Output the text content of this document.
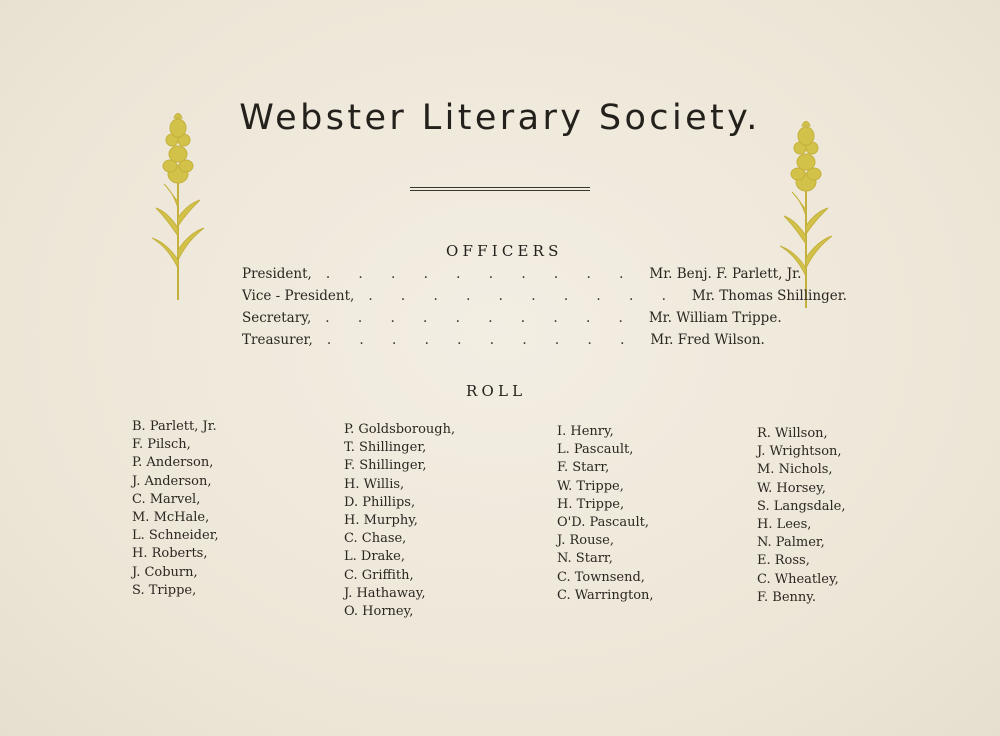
Webster Literary Society.
OFFICERS
President,	. . . . . . . . . .	Mr. Benj. F. Parlett, Jr.
Vice - President,	. . . . . . . . . .	Mr. Thomas Shillinger.
Secretary,	. . . . . . . . . .	Mr. William Trippe.
Treasurer,	. . . . . . . . . .	Mr. Fred Wilson.
ROLL
B. Parlett, Jr.
F. Pilsch,
P. Anderson,
J. Anderson,
C. Marvel,
M. McHale,
L. Schneider,
H. Roberts,
J. Coburn,
S. Trippe,
P. Goldsborough,
T. Shillinger,
F. Shillinger,
H. Willis,
D. Phillips,
H. Murphy,
C. Chase,
L. Drake,
C. Griffith,
J. Hathaway,
O. Horney,
I. Henry,
L. Pascault,
F. Starr,
W. Trippe,
H. Trippe,
O'D. Pascault,
J. Rouse,
N. Starr,
C. Townsend,
C. Warrington,
R. Willson,
J. Wrightson,
M. Nichols,
W. Horsey,
S. Langsdale,
H. Lees,
N. Palmer,
E. Ross,
C. Wheatley,
F. Benny.
